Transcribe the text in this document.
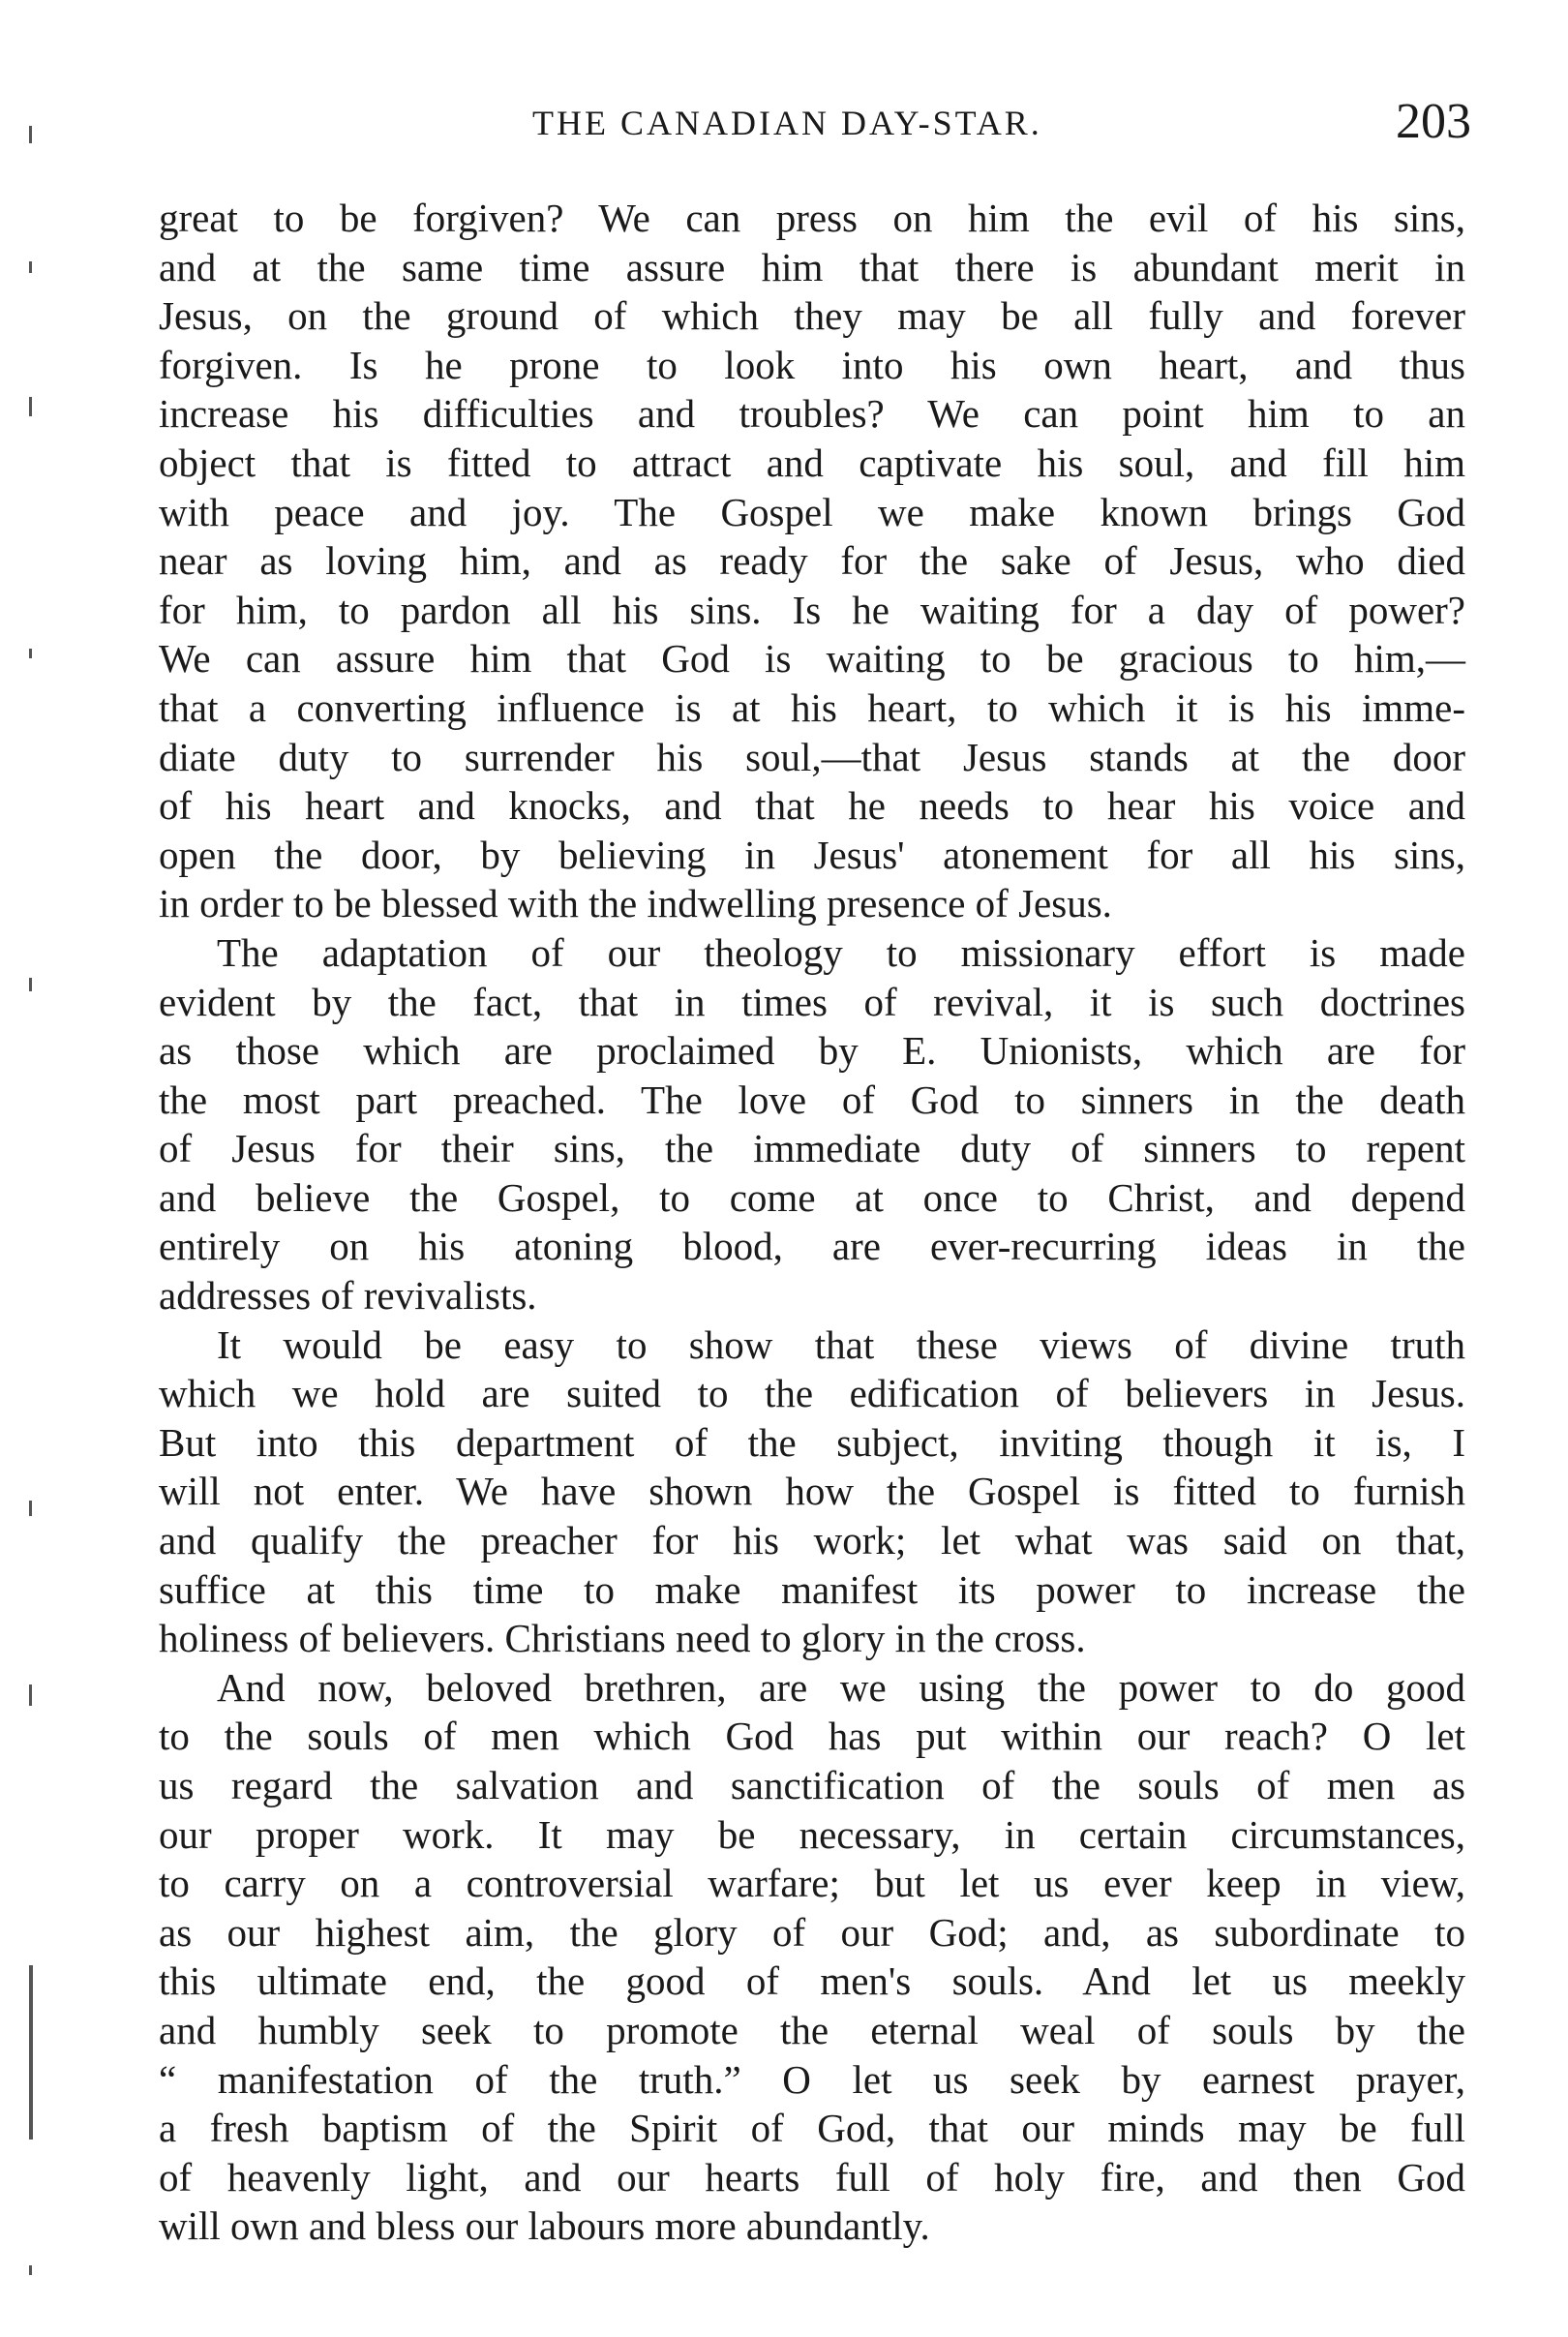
THE CANADIAN DAY-STAR.	203
great to be forgiven? We can press on him the evil of his sins,
and at the same time assure him that there is abundant merit in
Jesus, on the ground of which they may be all fully and forever
forgiven. Is he prone to look into his own heart, and thus
increase his difficulties and troubles? We can point him to an
object that is fitted to attract and captivate his soul, and fill him
with peace and joy. The Gospel we make known brings God
near as loving him, and as ready for the sake of Jesus, who died
for him, to pardon all his sins. Is he waiting for a day of power?
We can assure him that God is waiting to be gracious to him,—
that a converting influence is at his heart, to which it is his imme-
diate duty to surrender his soul,—that Jesus stands at the door
of his heart and knocks, and that he needs to hear his voice and
open the door, by believing in Jesus' atonement for all his sins,
in order to be blessed with the indwelling presence of Jesus.
The adaptation of our theology to missionary effort is made
evident by the fact, that in times of revival, it is such doctrines
as those which are proclaimed by E. Unionists, which are for
the most part preached. The love of God to sinners in the death
of Jesus for their sins, the immediate duty of sinners to repent
and believe the Gospel, to come at once to Christ, and depend
entirely on his atoning blood, are ever-recurring ideas in the
addresses of revivalists.
It would be easy to show that these views of divine truth
which we hold are suited to the edification of believers in Jesus.
But into this department of the subject, inviting though it is, I
will not enter. We have shown how the Gospel is fitted to furnish
and qualify the preacher for his work; let what was said on that,
suffice at this time to make manifest its power to increase the
holiness of believers. Christians need to glory in the cross.
And now, beloved brethren, are we using the power to do good
to the souls of men which God has put within our reach? O let
us regard the salvation and sanctification of the souls of men as
our proper work. It may be necessary, in certain circumstances,
to carry on a controversial warfare; but let us ever keep in view,
as our highest aim, the glory of our God; and, as subordinate to
this ultimate end, the good of men's souls. And let us meekly
and humbly seek to promote the eternal weal of souls by the
“ manifestation of the truth.” O let us seek by earnest prayer,
a fresh baptism of the Spirit of God, that our minds may be full
of heavenly light, and our hearts full of holy fire, and then God
will own and bless our labours more abundantly.
